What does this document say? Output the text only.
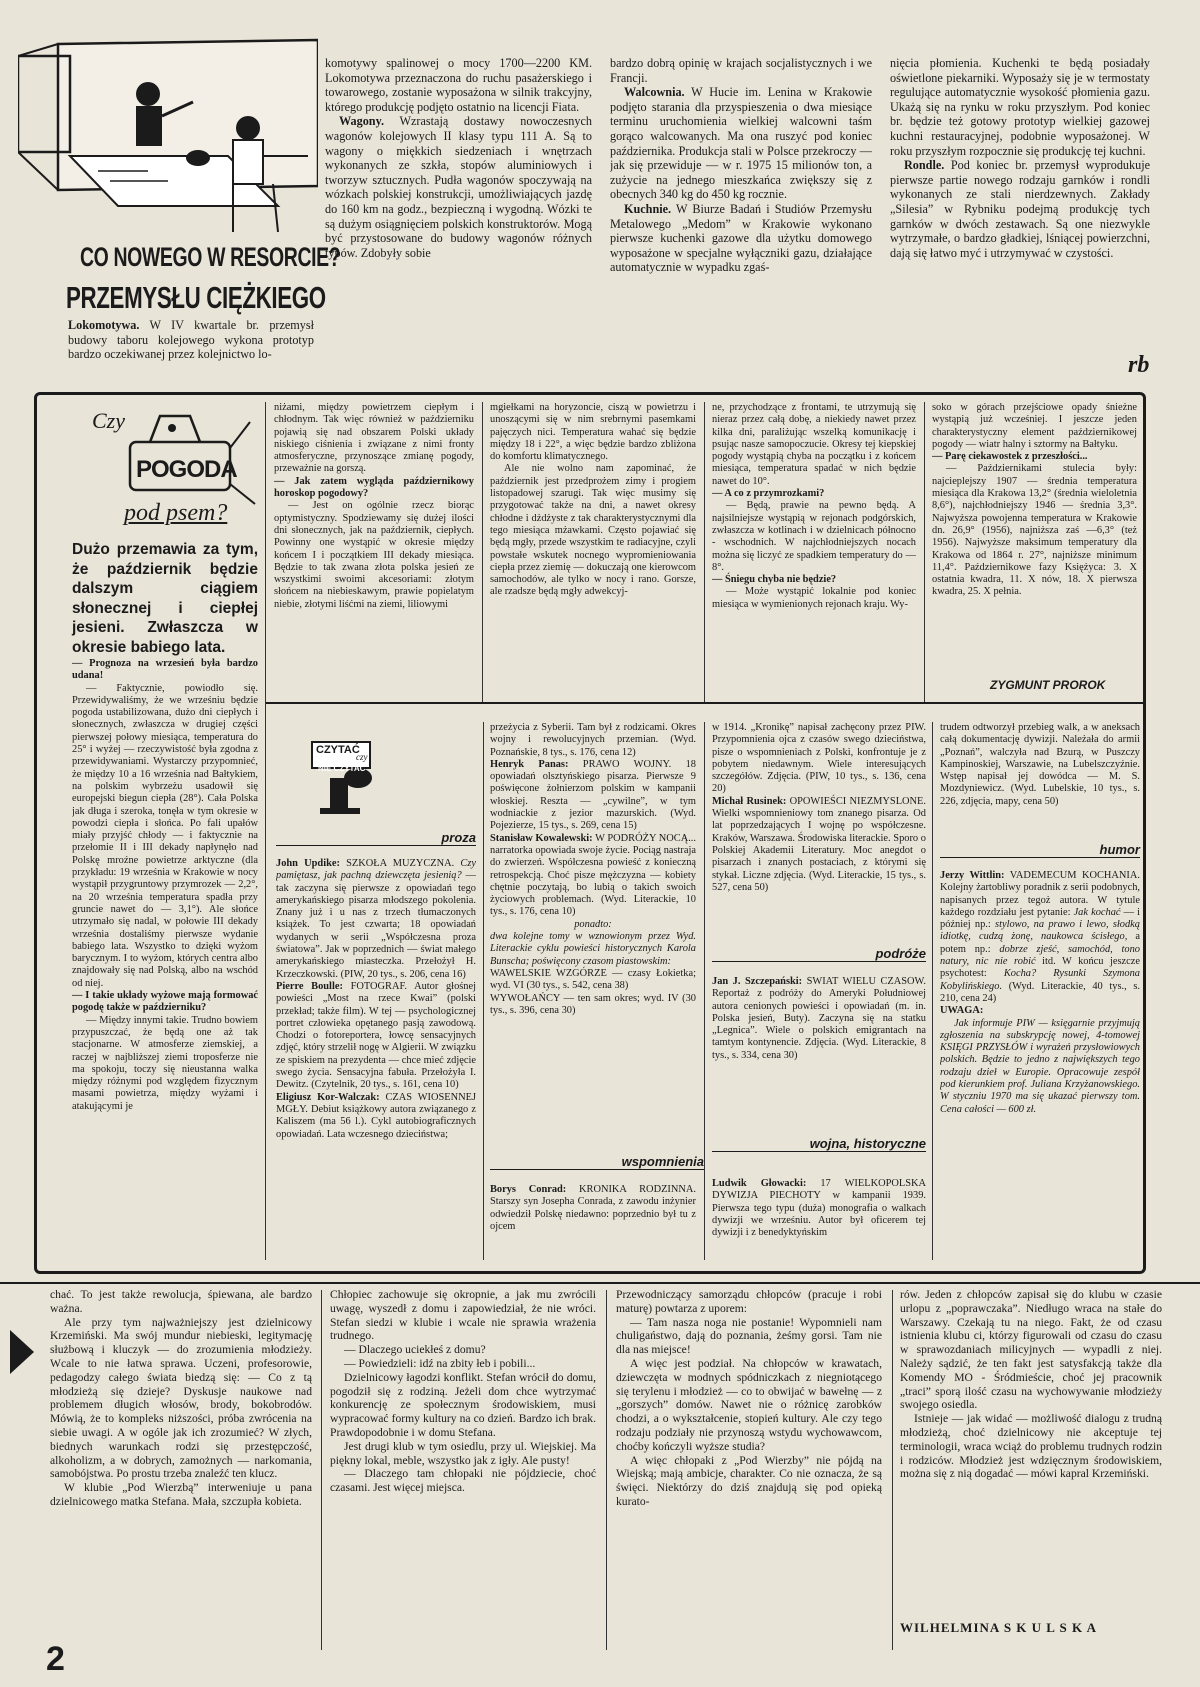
CO NOWEGO W RESORCIE?
PRZEMYSŁU CIĘŻKIEGO

Lokomotywa. W IV kwartale br. przemysł budowy taboru kolejowego wykona prototyp bardzo oczekiwanej przez kolejnictwo lo-

komotywy spalinowej o mocy 1700—2200 KM. Lokomotywa przeznaczona do ruchu pasażerskiego i towarowego, zostanie wyposażona w silnik trakcyjny, którego produkcję podjęto ostatnio na licencji Fiata.

Wagony. Wzrastają dostawy nowoczesnych wagonów kolejowych II klasy typu 111 A. Są to wagony o miękkich siedzeniach i wnętrzach wykonanych ze szkła, stopów aluminiowych i tworzyw sztucznych. Pudła wagonów spoczywają na wózkach polskiej konstrukcji, umożliwiających jazdę do 160 km na godz., bezpieczną i wygodną. Wózki te są dużym osiągnięciem polskich konstruktorów. Mogą być przystosowane do budowy wagonów różnych typów. Zdobyły sobie

bardzo dobrą opinię w krajach socjalistycznych i we Francji.

Walcownia. W Hucie im. Lenina w Krakowie podjęto starania dla przyspieszenia o dwa miesiące terminu uruchomienia wielkiej walcowni taśm gorąco walcowanych. Ma ona ruszyć pod koniec października. Produkcja stali w Polsce przekroczy — jak się przewiduje — w r. 1975 15 milionów ton, a zużycie na jednego mieszkańca zwiększy się z obecnych 340 kg do 450 kg rocznie.

Kuchnie. W Biurze Badań i Studiów Przemysłu Metalowego „Medom” w Krakowie wykonano pierwsze kuchenki gazowe dla użytku domowego wyposażone w specjalne wyłączniki gazu, działające automatycznie w wypadku zgaś-

nięcia płomienia. Kuchenki te będą posiadały oświetlone piekarniki. Wyposaży się je w termostaty regulujące automatycznie wysokość płomienia gazu. Ukażą się na rynku w roku przyszłym. Pod koniec br. będzie też gotowy prototyp wielkiej gazowej kuchni restauracyjnej, podobnie wyposażonej. W roku przyszłym rozpocznie się produkcję tej kuchni.

Rondle. Pod koniec br. przemysł wyprodukuje pierwsze partie nowego rodzaju garnków i rondli wykonanych ze stali nierdzewnych. Zakłady „Silesia” w Rybniku podejmą produkcję tych garnków w dwóch zestawach. Są one niezwykle wytrzymałe, o bardzo gładkiej, lśniącej powierzchni, dają się łatwo myć i utrzymywać w czystości.

rb
Czy
POGODA
pod psem?
Dużo przemawia za tym, że październik będzie dalszym ciągiem słonecznej i ciepłej jesieni. Zwłaszcza w okresie babiego lata.

— Prognoza na wrzesień była bardzo udana!

— Faktycznie, powiodło się. Przewidywaliśmy, że we wrześniu będzie pogoda ustabilizowana, dużo dni ciepłych i słonecznych, zwłaszcza w drugiej części pierwszej połowy miesiąca, temperatura do 25° i wyżej — rzeczywistość była zgodna z przewidywaniami. Wystarczy przypomnieć, że między 10 a 16 września nad Bałtykiem, na polskim wybrzeżu usadowił się europejski biegun ciepła (28°). Cała Polska jak długa i szeroka, tonęła w tym okresie w powodzi ciepła i słońca. Po fali upałów miały przyjść chłody — i faktycznie na przełomie II i III dekady napłynęło nad Polskę mroźne powietrze arktyczne (dla przykładu: 19 września w Krakowie w nocy wystąpił przygruntowy przymrozek — 2,2°, na 20 września temperatura spadła przy gruncie nawet do — 3,1°). Ale słońce utrzymało się nadal, w połowie III dekady września dostaliśmy pierwsze wydanie babiego lata. Wszystko to dzięki wyżom barycznym. I to wyżom, których centra albo znajdowały się nad Polską, albo na wschód od niej.

— I takie układy wyżowe mają formować pogodę także w październiku?

— Między innymi takie. Trudno bowiem przypuszczać, że będą one aż tak stacjonarne. W atmosferze ziemskiej, a raczej w najbliższej ziemi troposferze nie ma spokoju, toczy się nieustanna walka między różnymi pod względem fizycznym masami powietrza, między wyżami i atakującymi je

niżami, między powietrzem ciepłym i chłodnym. Tak więc również w październiku pojawią się nad obszarem Polski układy niskiego ciśnienia i związane z nimi fronty atmosferyczne, przynoszące zmianę pogody, przeważnie na gorszą.

— Jak zatem wygląda październikowy horoskop pogodowy?

— Jest on ogólnie rzecz biorąc optymistyczny. Spodziewamy się dużej ilości dni słonecznych, jak na październik, ciepłych. Powinny one wystąpić w okresie między końcem I i początkiem III dekady miesiąca. Będzie to tak zwana złota polska jesień ze wszystkimi swoimi akcesoriami: złotym słońcem na niebieskawym, prawie popielatym niebie, złotymi liśćmi na ziemi, liliowymi

mgiełkami na horyzoncie, ciszą w powietrzu i unoszącymi się w nim srebrnymi pasemkami pajęczych nici. Temperatura wahać się będzie między 18 i 22°, a więc będzie bardzo zbliżona do komfortu klimatycznego.

Ale nie wolno nam zapominać, że październik jest przedprożem zimy i progiem listopadowej szarugi. Tak więc musimy się przygotować także na dni, a nawet okresy chłodne i dżdżyste z tak charakterystycznymi dla tego miesiąca mżawkami. Często pojawiać się będą mgły, przede wszystkim te radiacyjne, czyli powstałe wskutek nocnego wypromieniowania ciepła przez ziemię — dokuczają one kierowcom samochodów, ale tylko w nocy i rano. Gorsze, ale rzadsze będą mgły adwekcyj-

ne, przychodzące z frontami, te utrzymują się nieraz przez całą dobę, a niekiedy nawet przez kilka dni, paraliżując wszelką komunikację i psując nasze samopoczucie. Okresy tej kiepskiej pogody wystąpią chyba na początku i z końcem miesiąca, temperatura spadać w nich będzie nawet do 10°.

— A co z przymrozkami?

— Będą, prawie na pewno będą. A najsilniejsze wystąpią w rejonach podgórskich, zwłaszcza w kotlinach i w dzielnicach północno - wschodnich. W najchłodniejszych nocach można się liczyć ze spadkiem temperatury do —8°.

— Śniegu chyba nie będzie?

— Może wystąpić lokalnie pod koniec miesiąca w wymienionych rejonach kraju. Wy-

soko w górach przejściowe opady śnieżne wystąpią już wcześniej. I jeszcze jeden charakterystyczny element październikowej pogody — wiatr halny i sztormy na Bałtyku.

— Parę ciekawostek z przeszłości...

— Październikami stulecia były: najcieplejszy 1907 — średnia temperatura miesiąca dla Krakowa 13,2° (średnia wieloletnia 8,6°), najchłodniejszy 1946 — średnia 3,3°. Najwyższa powojenna temperatura w Krakowie dn. 26,9° (1956), najniższa zaś —6,3° (też 1956). Najwyższe maksimum temperatury dla Krakowa od 1864 r. 27°, najniższe minimum 11,4°. Październikowe fazy Księżyca: 3. X ostatnia kwadra, 11. X nów, 18. X pierwsza kwadra, 25. X pełnia.

ZYGMUNT PROROK
CZYTAĆ
czy
NIE CZYTAĆ
proza

John Updike: SZKOŁA MUZYCZNA. Czy pamiętasz, jak pachną dziewczęta jesienią? — tak zaczyna się pierwsze z opowiadań tego amerykańskiego pisarza młodszego pokolenia. Znany już i u nas z trzech tłumaczonych książek. To jest czwarta; 18 opowiadań wydanych w serii „Współczesna proza światowa”. Jak w poprzednich — świat małego amerykańskiego miasteczka. Przełożył H. Krzeczkowski. (PIW, 20 tys., s. 206, cena 16)

Pierre Boulle: FOTOGRAF. Autor głośnej powieści „Most na rzece Kwai” (polski przekład; także film). W tej — psychologicznej portret człowieka opętanego pasją zawodową. Chodzi o fotoreportera, łowcę sensacyjnych zdjęć, który strzelił nogę w Algierii. W związku ze spiskiem na prezydenta — chce mieć zdjęcie swego życia. Sensacyjna fabuła. Przełożyła I. Dewitz. (Czytelnik, 20 tys., s. 161, cena 10)

Eligiusz Kor-Walczak: CZAS WIOSENNEJ MGŁY. Debiut książkowy autora związanego z Kaliszem (ma 56 l.). Cykl autobiograficznych opowiadań. Lata wczesnego dzieciństwa;

przeżycia z Syberii. Tam był z rodzicami. Okres wojny i rewolucyjnych przemian. (Wyd. Poznańskie, 8 tys., s. 176, cena 12)

Henryk Panas: PRAWO WOJNY. 18 opowiadań olsztyńskiego pisarza. Pierwsze 9 poświęcone żołnierzom polskim w kampanii włoskiej. Reszta — „cywilne”, w tym wodniackie z jezior mazurskich. (Wyd. Pojezierze, 15 tys., s. 269, cena 15)

Stanisław Kowalewski: W PODRÓŻY NOCĄ... narratorka opowiada swoje życie. Pociąg nastraja do zwierzeń. Współczesna powieść z konieczną retrospekcją. Choć pisze mężczyzna — kobiety chętnie poczytają, bo lubią o takich swoich życiowych problemach. (Wyd. Literackie, 10 tys., s. 176, cena 10)

ponadto:

dwa kolejne tomy w wznowionym przez Wyd. Literackie cyklu powieści historycznych Karola Bunscha; poświęcony czasom piastowskim:

WAWELSKIE WZGÓRZE — czasy Łokietka; wyd. VI (30 tys., s. 542, cena 38)

WYWOŁAŃCY — ten sam okres; wyd. IV (30 tys., s. 396, cena 30)

wspomnienia

Borys Conrad: KRONIKA RODZINNA. Starszy syn Josepha Conrada, z zawodu inżynier odwiedził Polskę niedawno: poprzednio był tu z ojcem

w 1914. „Kronikę” napisał zachęcony przez PIW. Przypomnienia ojca z czasów swego dzieciństwa, pisze o wspomnieniach z Polski, konfrontuje je z pobytem niedawnym. Wiele interesujących szczegółów. Zdjęcia. (PIW, 10 tys., s. 136, cena 20)

Michał Rusinek: OPOWIEŚCI NIEZMYSLONE. Wielki wspomnieniowy tom znanego pisarza. Od lat poprzedzających I wojnę po współczesne. Kraków, Warszawa. Środowiska literackie. Sporo o Polskiej Akademii Literatury. Moc anegdot o pisarzach i znanych postaciach, z którymi się stykał. Liczne zdjęcia. (Wyd. Literackie, 15 tys., s. 527, cena 50)

podróże

Jan J. Szczepański: ŚWIAT WIELU CZASÓW. Reportaż z podróży do Ameryki Południowej autora cenionych powieści i opowiadań (m. in. Polska jesień, Buty). Zaczyna się na statku „Legnica”. Wiele o polskich emigrantach na tamtym kontynencie. Zdjęcia. (Wyd. Literackie, 8 tys., s. 334, cena 30)

wojna, historyczne

Ludwik Głowacki: 17 WIELKOPOLSKA DYWIZJA PIECHOTY w kampanii 1939. Pierwsza tego typu (duża) monografia o walkach dywizji we wrześniu. Autor był oficerem tej dywizji i z benedyktyńskim

trudem odtworzył przebieg walk, a w aneksach całą dokumentację dywizji. Należała do armii „Poznań”, walczyła nad Bzurą, w Puszczy Kampinoskiej, Warszawie, na Lubelszczyźnie. Wstęp napisał jej dowódca — M. S. Mozdyniewicz. (Wyd. Lubelskie, 10 tys., s. 226, zdjęcia, mapy, cena 50)

humor

Jerzy Wittlin: VADEMECUM KOCHANIA. Kolejny żartobliwy poradnik z serii podobnych, napisanych przez tegoż autora. W tytule każdego rozdziału jest pytanie: Jak kochać — i później np.: stylowo, na prawo i lewo, słodką idiotkę, cudzą żonę, naukowca ścisłego, a potem np.: dobrze zjeść, samochód, tono natury, nic nie robić itd. W końcu jeszcze psychotest: Kocha? Rysunki Szymona Kobylińskiego. (Wyd. Literackie, 40 tys., s. 210, cena 24)

UWAGA:

Jak informuje PIW — księgarnie przyjmują zgłoszenia na subskrypcję nowej, 4-tomowej KSIĘGI PRZYSŁÓW i wyrażeń przysłowiowych polskich. Będzie to jedno z największych tego rodzaju dzieł w Europie. Opracowuje zespół pod kierunkiem prof. Juliana Krzyżanowskiego. W styczniu 1970 ma się ukazać pierwszy tom. Cena całości — 600 zł.

chać. To jest także rewolucja, śpiewana, ale bardzo ważna.

Ale przy tym najważniejszy jest dzielnicowy Krzemiński. Ma swój mundur niebieski, legitymację służbową i kluczyk — do zrozumienia młodzieży. Wcale to nie łatwa sprawa. Uczeni, profesorowie, pedagodzy całego świata biedzą się: — Co z tą młodzieżą się dzieje? Dyskusje naukowe nad problemem długich włosów, brody, bokobrodów. Mówią, że to kompleks niższości, próba zwrócenia na siebie uwagi. A w ogóle jak ich zrozumieć? W złych, biednych warunkach rodzi się przestępczość, alkoholizm, a w dobrych, zamożnych — narkomania, samobójstwa. Po prostu trzeba znaleźć ten klucz.

W klubie „Pod Wierzbą” interweniuje u pana dzielnicowego matka Stefana. Mała, szczupła kobieta.

Chłopiec zachowuje się okropnie, a jak mu zwrócili uwagę, wyszedł z domu i zapowiedział, że nie wróci. Stefan siedzi w klubie i wcale nie sprawia wrażenia trudnego.

— Dlaczego uciekłeś z domu?

— Powiedzieli: idź na zbity łeb i pobili...

Dzielnicowy łagodzi konflikt. Stefan wrócił do domu, pogodził się z rodziną. Jeżeli dom chce wytrzymać konkurencję ze społecznym środowiskiem, musi wypracować formy kultury na co dzień. Bardzo ich brak. Prawdopodobnie i w domu Stefana.

Jest drugi klub w tym osiedlu, przy ul. Wiejskiej. Ma piękny lokal, meble, wszystko jak z igły. Ale pusty!

— Dlaczego tam chłopaki nie pójdziecie, choć czasami. Jest więcej miejsca.

Przewodniczący samorządu chłopców (pracuje i robi maturę) powtarza z uporem:

— Tam nasza noga nie postanie! Wypomnieli nam chuligaństwo, dają do poznania, żeśmy gorsi. Tam nie dla nas miejsce!

A więc jest podział. Na chłopców w krawatach, dziewczęta w modnych spódniczkach z niegniotącego się terylenu i młodzież — co to obwijać w bawełnę — z „gorszych” domów. Nawet nie o różnicę zarobków chodzi, a o wykształcenie, stopień kultury. Ale czy tego rodzaju podziały nie przynoszą wstydu wychowawcom, choćby kończyli wyższe studia?

A więc chłopaki z „Pod Wierzby” nie pójdą na Wiejską; mają ambicje, charakter. Co nie oznacza, że są święci. Niektórzy do dziś znajdują się pod opieką kurato-

rów. Jeden z chłopców zapisał się do klubu w czasie urlopu z „poprawczaka”. Niedługo wraca na stałe do Warszawy. Czekają tu na niego. Fakt, że od czasu istnienia klubu ci, którzy figurowali od czasu do czasu w sprawozdaniach milicyjnych — wypadli z niej. Należy sądzić, że ten fakt jest satysfakcją także dla Komendy MO - Śródmieście, choć jej pracownik „traci” sporą ilość czasu na wychowywanie młodzieży swojego osiedla.

Istnieje — jak widać — możliwość dialogu z trudną młodzieżą, choć dzielnicowy nie akceptuje tej terminologii, wraca wciąż do problemu trudnych rodzin i rodziców. Młodzież jest wdzięcznym środowiskiem, można się z nią dogadać — mówi kapral Krzemiński.

WILHELMINA S K U L S K A
2
